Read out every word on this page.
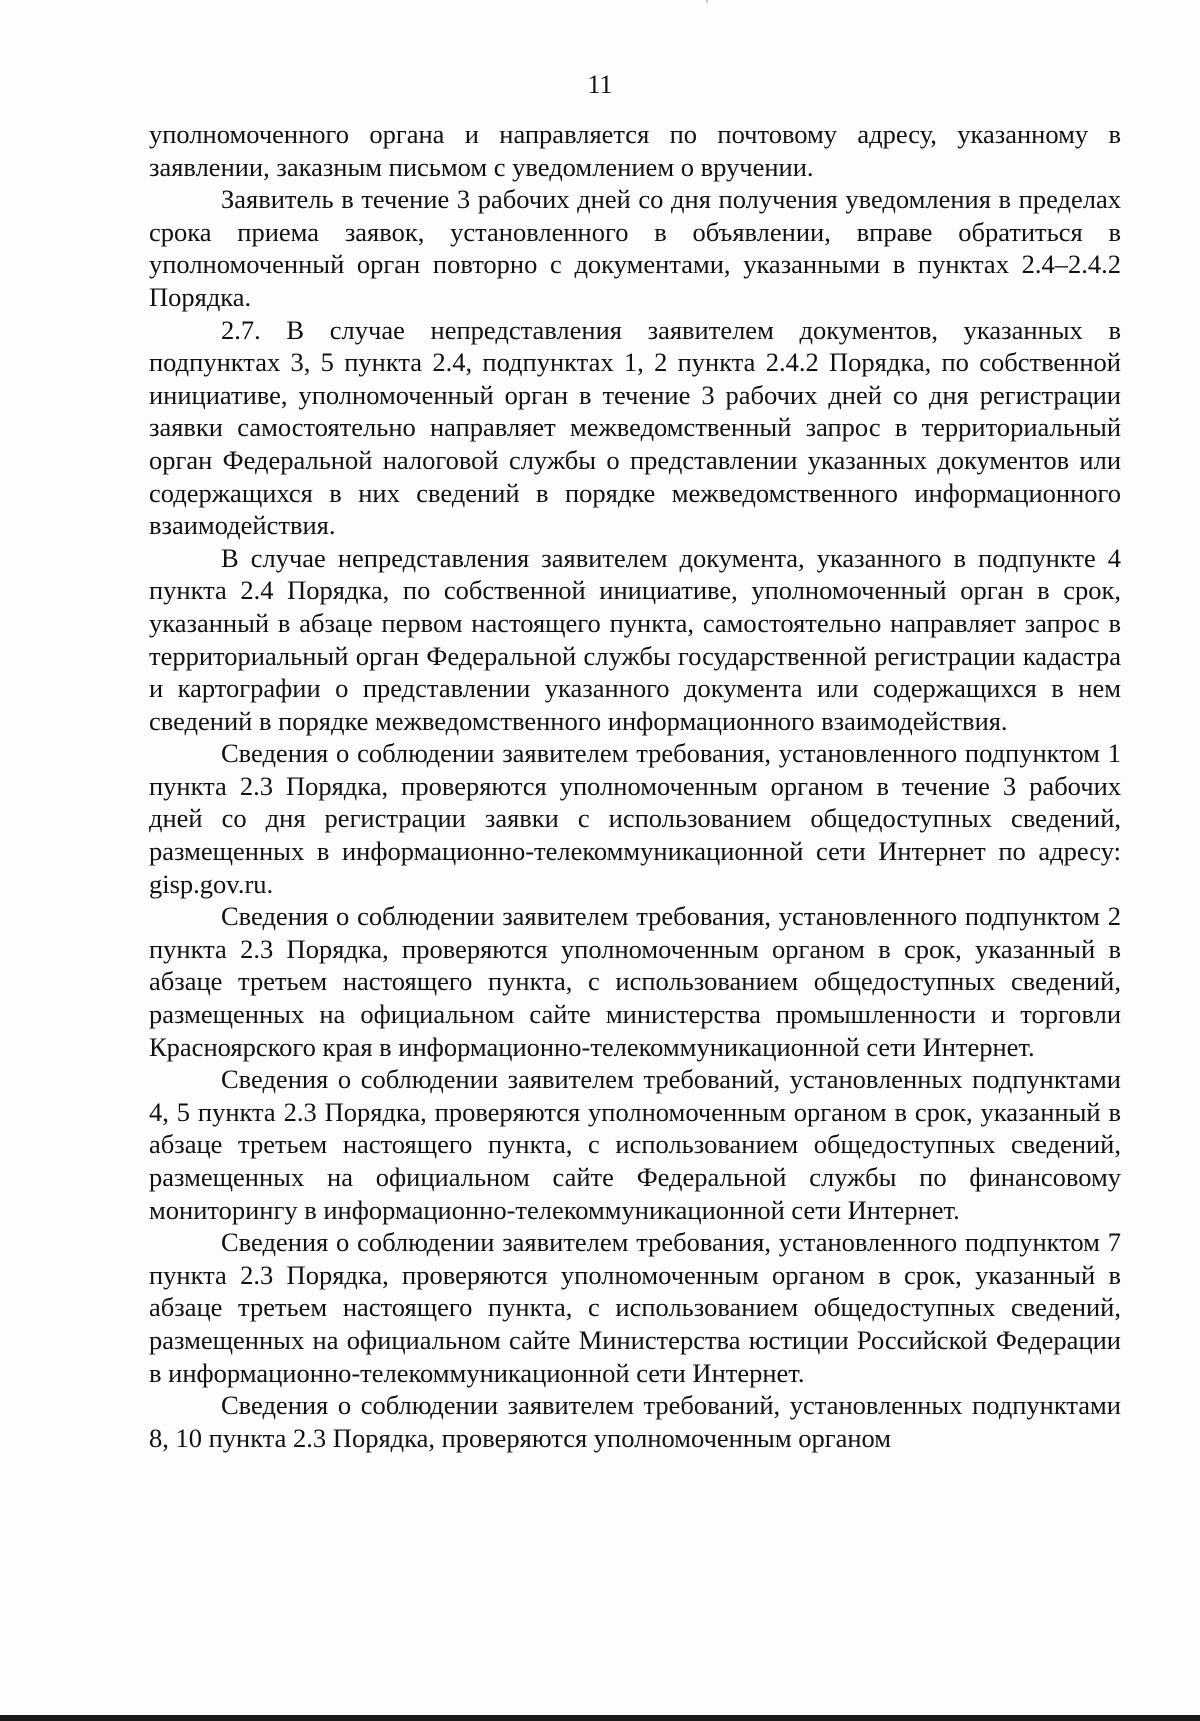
11

уполномоченного органа и направляется по почтовому адресу, указанному в заявлении, заказным письмом с уведомлением о вручении.

Заявитель в течение 3 рабочих дней со дня получения уведомления в пределах срока приема заявок, установленного в объявлении, вправе обратиться в уполномоченный орган повторно с документами, указанными в пунктах 2.4–2.4.2 Порядка.

2.7. В случае непредставления заявителем документов, указанных в подпунктах 3, 5 пункта 2.4, подпунктах 1, 2 пункта 2.4.2 Порядка, по собственной инициативе, уполномоченный орган в течение 3 рабочих дней со дня регистрации заявки самостоятельно направляет межведомственный запрос в территориальный орган Федеральной налоговой службы о представлении указанных документов или содержащихся в них сведений в порядке межведомственного информационного взаимодействия.

В случае непредставления заявителем документа, указанного в подпункте 4 пункта 2.4 Порядка, по собственной инициативе, уполномоченный орган в срок, указанный в абзаце первом настоящего пункта, самостоятельно направляет запрос в территориальный орган Федеральной службы государственной регистрации кадастра и картографии о представлении указанного документа или содержащихся в нем сведений в порядке межведомственного информационного взаимодействия.

Сведения о соблюдении заявителем требования, установленного подпунктом 1 пункта 2.3 Порядка, проверяются уполномоченным органом в течение 3 рабочих дней со дня регистрации заявки с использованием общедоступных сведений, размещенных в информационно-телекоммуникационной сети Интернет по адресу: gisp.gov.ru.

Сведения о соблюдении заявителем требования, установленного подпунктом 2 пункта 2.3 Порядка, проверяются уполномоченным органом в срок, указанный в абзаце третьем настоящего пункта, с использованием общедоступных сведений, размещенных на официальном сайте министерства промышленности и торговли Красноярского края в информационно-телекоммуникационной сети Интернет.

Сведения о соблюдении заявителем требований, установленных подпунктами 4, 5 пункта 2.3 Порядка, проверяются уполномоченным органом в срок, указанный в абзаце третьем настоящего пункта, с использованием общедоступных сведений, размещенных на официальном сайте Федеральной службы по финансовому мониторингу в информационно-телекоммуникационной сети Интернет.

Сведения о соблюдении заявителем требования, установленного подпунктом 7 пункта 2.3 Порядка, проверяются уполномоченным органом в срок, указанный в абзаце третьем настоящего пункта, с использованием общедоступных сведений, размещенных на официальном сайте Министерства юстиции Российской Федерации в информационно-телекоммуникационной сети Интернет.

Сведения о соблюдении заявителем требований, установленных подпунктами 8, 10 пункта 2.3 Порядка, проверяются уполномоченным органом
